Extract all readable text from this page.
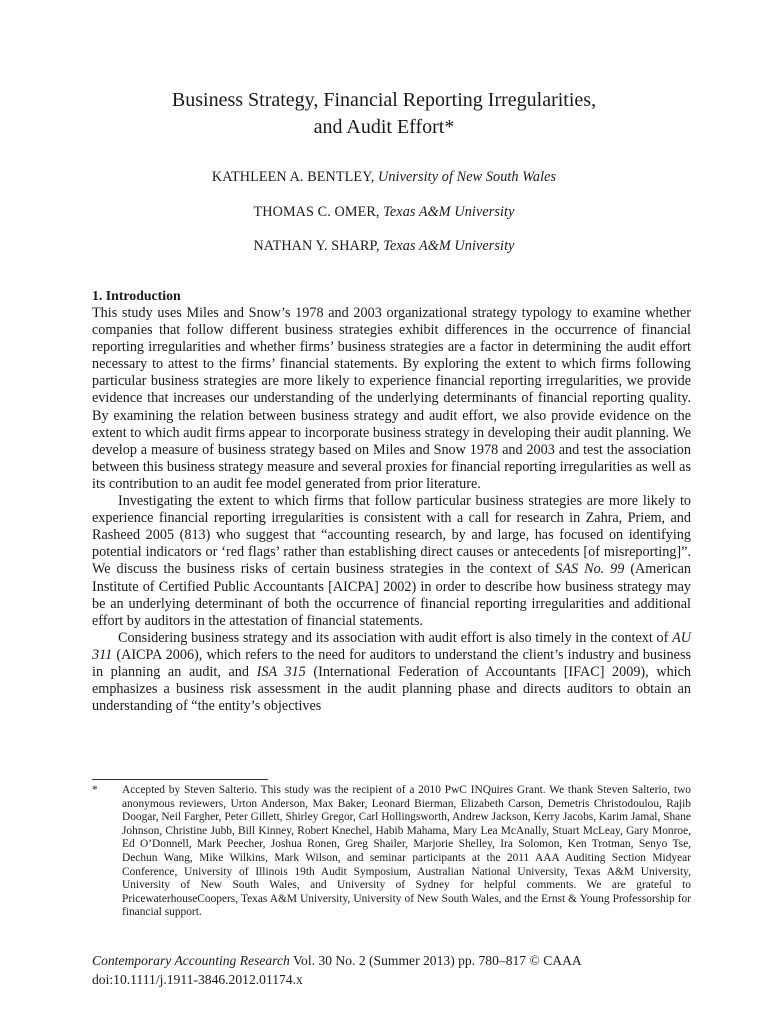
Business Strategy, Financial Reporting Irregularities,
and Audit Effort*
KATHLEEN A. BENTLEY, University of New South Wales
THOMAS C. OMER, Texas A&M University
NATHAN Y. SHARP, Texas A&M University
1. Introduction

This study uses Miles and Snow’s 1978 and 2003 organizational strategy typology to examine whether companies that follow different business strategies exhibit differences in the occurrence of financial reporting irregularities and whether firms’ business strategies are a factor in determining the audit effort necessary to attest to the firms’ financial statements. By exploring the extent to which firms following particular business strategies are more likely to experience financial reporting irregularities, we provide evidence that increases our understanding of the underlying determinants of financial reporting quality. By examining the relation between business strategy and audit effort, we also provide evidence on the extent to which audit firms appear to incorporate business strategy in developing their audit planning. We develop a measure of business strategy based on Miles and Snow 1978 and 2003 and test the association between this business strategy measure and several proxies for financial reporting irregularities as well as its contribution to an audit fee model generated from prior literature.

Investigating the extent to which firms that follow particular business strategies are more likely to experience financial reporting irregularities is consistent with a call for research in Zahra, Priem, and Rasheed 2005 (813) who suggest that “accounting research, by and large, has focused on identifying potential indicators or ‘red flags’ rather than establishing direct causes or antecedents [of misreporting]”. We discuss the business risks of certain business strategies in the context of SAS No. 99 (American Institute of Certified Public Accountants [AICPA] 2002) in order to describe how business strategy may be an underlying determinant of both the occurrence of financial reporting irregularities and additional effort by auditors in the attestation of financial statements.

Considering business strategy and its association with audit effort is also timely in the context of AU 311 (AICPA 2006), which refers to the need for auditors to understand the client’s industry and business in planning an audit, and ISA 315 (International Federation of Accountants [IFAC] 2009), which emphasizes a business risk assessment in the audit planning phase and directs auditors to obtain an understanding of “the entity’s objectives

* Accepted by Steven Salterio. This study was the recipient of a 2010 PwC INQuires Grant. We thank Steven Salterio, two anonymous reviewers, Urton Anderson, Max Baker, Leonard Bierman, Elizabeth Carson, Demetris Christodoulou, Rajib Doogar, Neil Fargher, Peter Gillett, Shirley Gregor, Carl Hollingsworth, Andrew Jackson, Kerry Jacobs, Karim Jamal, Shane Johnson, Christine Jubb, Bill Kinney, Robert Knechel, Habib Mahama, Mary Lea McAnally, Stuart McLeay, Gary Monroe, Ed O’Donnell, Mark Peecher, Joshua Ronen, Greg Shailer, Marjorie Shelley, Ira Solomon, Ken Trotman, Senyo Tse, Dechun Wang, Mike Wilkins, Mark Wilson, and seminar participants at the 2011 AAA Auditing Section Midyear Conference, University of Illinois 19th Audit Symposium, Australian National University, Texas A&M University, University of New South Wales, and University of Sydney for helpful comments. We are grateful to PricewaterhouseCoopers, Texas A&M University, University of New South Wales, and the Ernst & Young Professorship for financial support.
Contemporary Accounting Research Vol. 30 No. 2 (Summer 2013) pp. 780–817 © CAAA
doi:10.1111/j.1911-3846.2012.01174.x
